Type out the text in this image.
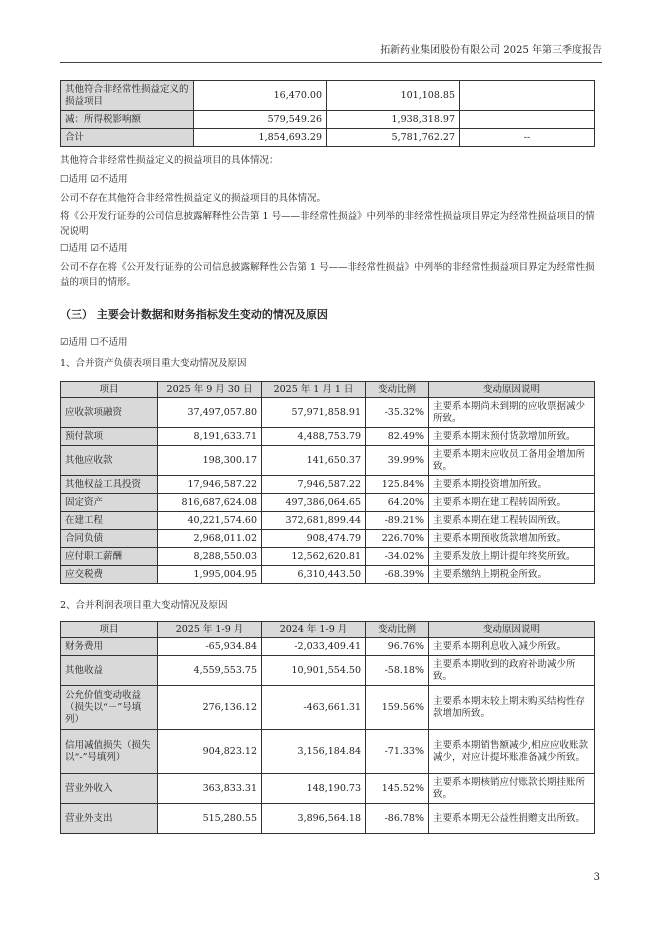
拓新药业集团股份有限公司 2025 年第三季度报告
其他符合非经常性损益定义的损益项目	16,470.00	101,108.85	
减：所得税影响额	579,549.26	1,938,318.97	
合计	1,854,693.29	5,781,762.27	--
其他符合非经常性损益定义的损益项目的具体情况：
☐适用 ☑不适用
公司不存在其他符合非经常性损益定义的损益项目的具体情况。
将《公开发行证券的公司信息披露解释性公告第 1 号——非经常性损益》中列举的非经常性损益项目界定为经常性损益项目的情况说明
☐适用 ☑不适用
公司不存在将《公开发行证券的公司信息披露解释性公告第 1 号——非经常性损益》中列举的非经常性损益项目界定为经常性损益的项目的情形。
（三） 主要会计数据和财务指标发生变动的情况及原因
☑适用 ☐不适用
1、合并资产负债表项目重大变动情况及原因
项目	2025 年 9 月 30 日	2025 年 1 月 1 日	变动比例	变动原因说明
应收款项融资	37,497,057.80	57,971,858.91	-35.32%	主要系本期尚未到期的应收票据减少所致。
预付款项	8,191,633.71	4,488,753.79	82.49%	主要系本期末预付货款增加所致。
其他应收款	198,300.17	141,650.37	39.99%	主要系本期末应收员工备用金增加所致。
其他权益工具投资	17,946,587.22	7,946,587.22	125.84%	主要系本期投资增加所致。
固定资产	816,687,624.08	497,386,064.65	64.20%	主要系本期在建工程转固所致。
在建工程	40,221,574.60	372,681,899.44	-89.21%	主要系本期在建工程转固所致。
合同负债	2,968,011.02	908,474.79	226.70%	主要系本期预收货款增加所致。
应付职工薪酬	8,288,550.03	12,562,620.81	-34.02%	主要系发放上期计提年终奖所致。
应交税费	1,995,004.95	6,310,443.50	-68.39%	主要系缴纳上期税金所致。
2、合并利润表项目重大变动情况及原因
项目	2025 年 1-9 月	2024 年 1-9 月	变动比例	变动原因说明
财务费用	-65,934.84	-2,033,409.41	96.76%	主要系本期利息收入减少所致。
其他收益	4,559,553.75	10,901,554.50	-58.18%	主要系本期收到的政府补助减少所致。
公允价值变动收益（损失以“－”号填列）	276,136.12	-463,661.31	159.56%	主要系本期末较上期末购买结构性存款增加所致。
信用减值损失（损失以“-”号填列）	904,823.12	3,156,184.84	-71.33%	主要系本期销售额减少,相应应收账款减少，对应计提坏账准备减少所致。
营业外收入	363,833.31	148,190.73	145.52%	主要系本期核销应付账款长期挂账所致。
营业外支出	515,280.55	3,896,564.18	-86.78%	主要系本期无公益性捐赠支出所致。
3
